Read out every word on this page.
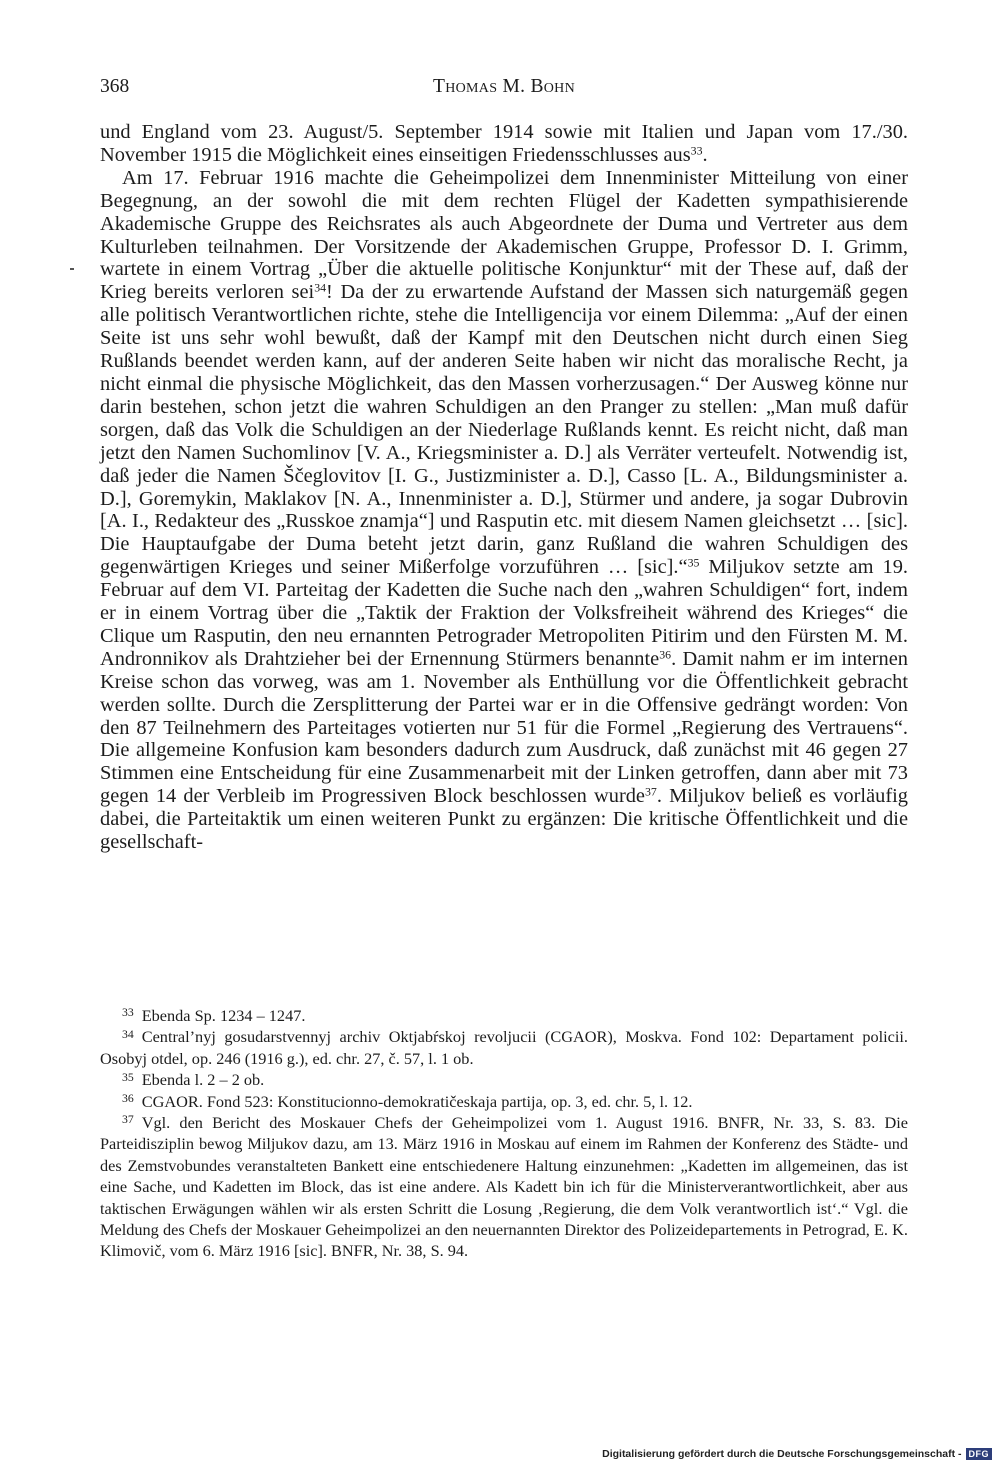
368	Thomas M. Bohn

und England vom 23. August/5. September 1914 sowie mit Italien und Japan vom 17./30. November 1915 die Möglichkeit eines einseitigen Friedensschlusses aus$^{33}$.

Am 17. Februar 1916 machte die Geheimpolizei dem Innenminister Mitteilung von einer Begegnung, an der sowohl die mit dem rechten Flügel der Kadetten sympathisierende Akademische Gruppe des Reichsrates als auch Abgeordnete der Duma und Vertreter aus dem Kulturleben teilnahmen. Der Vorsitzende der Akademischen Gruppe, Professor D. I. Grimm, wartete in einem Vortrag „Über die aktuelle politische Konjunktur“ mit der These auf, daß der Krieg bereits verloren sei$^{34}$! Da der zu erwartende Aufstand der Massen sich naturgemäß gegen alle politisch Verantwortlichen richte, stehe die Intelligencija vor einem Dilemma: „Auf der einen Seite ist uns sehr wohl bewußt, daß der Kampf mit den Deutschen nicht durch einen Sieg Rußlands beendet werden kann, auf der anderen Seite haben wir nicht das moralische Recht, ja nicht einmal die physische Möglichkeit, das den Massen vorherzusagen.“ Der Ausweg könne nur darin bestehen, schon jetzt die wahren Schuldigen an den Pranger zu stellen: „Man muß dafür sorgen, daß das Volk die Schuldigen an der Niederlage Rußlands kennt. Es reicht nicht, daß man jetzt den Namen Suchomlinov [V. A., Kriegsminister a. D.] als Verräter verteufelt. Notwendig ist, daß jeder die Namen Ščeglovitov [I. G., Justizminister a. D.], Casso [L. A., Bildungsminister a. D.], Goremykin, Maklakov [N. A., Innenminister a. D.], Stürmer und andere, ja sogar Dubrovin [A. I., Redakteur des „Russkoe znamja“] und Rasputin etc. mit diesem Namen gleichsetzt … [sic]. Die Hauptaufgabe der Duma beteht jetzt darin, ganz Rußland die wahren Schuldigen des gegenwärtigen Krieges und seiner Mißerfolge vorzuführen … [sic].“$^{35}$ Miljukov setzte am 19. Februar auf dem VI. Parteitag der Kadetten die Suche nach den „wahren Schuldigen“ fort, indem er in einem Vortrag über die „Taktik der Fraktion der Volksfreiheit während des Krieges“ die Clique um Rasputin, den neu ernannten Petrograder Metropoliten Pitirim und den Fürsten M. M. Andronnikov als Drahtzieher bei der Ernennung Stürmers benannte$^{36}$. Damit nahm er im internen Kreise schon das vorweg, was am 1. November als Enthüllung vor die Öffentlichkeit gebracht werden sollte. Durch die Zersplitterung der Partei war er in die Offensive gedrängt worden: Von den 87 Teilnehmern des Parteitages votierten nur 51 für die Formel „Regierung des Vertrauens“. Die allgemeine Konfusion kam besonders dadurch zum Ausdruck, daß zunächst mit 46 gegen 27 Stimmen eine Entscheidung für eine Zusammenarbeit mit der Linken getroffen, dann aber mit 73 gegen 14 der Verbleib im Progressiven Block beschlossen wurde$^{37}$. Miljukov beließ es vorläufig dabei, die Parteitaktik um einen weiteren Punkt zu ergänzen: Die kritische Öffentlichkeit und die gesellschaft-

$^{33}$ Ebenda Sp. 1234 – 1247.

$^{34}$ Central’nyj gosudarstvennyj archiv Oktjabŕskoj revoljucii (CGAOR), Moskva. Fond 102: Departament policii. Osobyj otdel, op. 246 (1916 g.), ed. chr. 27, č. 57, l. 1 ob.

$^{35}$ Ebenda l. 2 – 2 ob.

$^{36}$ CGAOR. Fond 523: Konstitucionno-demokratičeskaja partija, op. 3, ed. chr. 5, l. 12.

$^{37}$ Vgl. den Bericht des Moskauer Chefs der Geheimpolizei vom 1. August 1916. BNFR, Nr. 33, S. 83. Die Parteidisziplin bewog Miljukov dazu, am 13. März 1916 in Moskau auf einem im Rahmen der Konferenz des Städte- und des Zemstvobundes veranstalteten Bankett eine entschiedenere Haltung einzunehmen: „Kadetten im allgemeinen, das ist eine Sache, und Kadetten im Block, das ist eine andere. Als Kadett bin ich für die Ministerverantwortlichkeit, aber aus taktischen Erwägungen wählen wir als ersten Schritt die Losung ‚Regierung, die dem Volk verantwortlich ist‘.“ Vgl. die Meldung des Chefs der Moskauer Geheimpolizei an den neuernannten Direktor des Polizeidepartements in Petrograd, E. K. Klimovič, vom 6. März 1916 [sic]. BNFR, Nr. 38, S. 94.

Digitalisierung gefördert durch die Deutsche Forschungsgemeinschaft - DFG
